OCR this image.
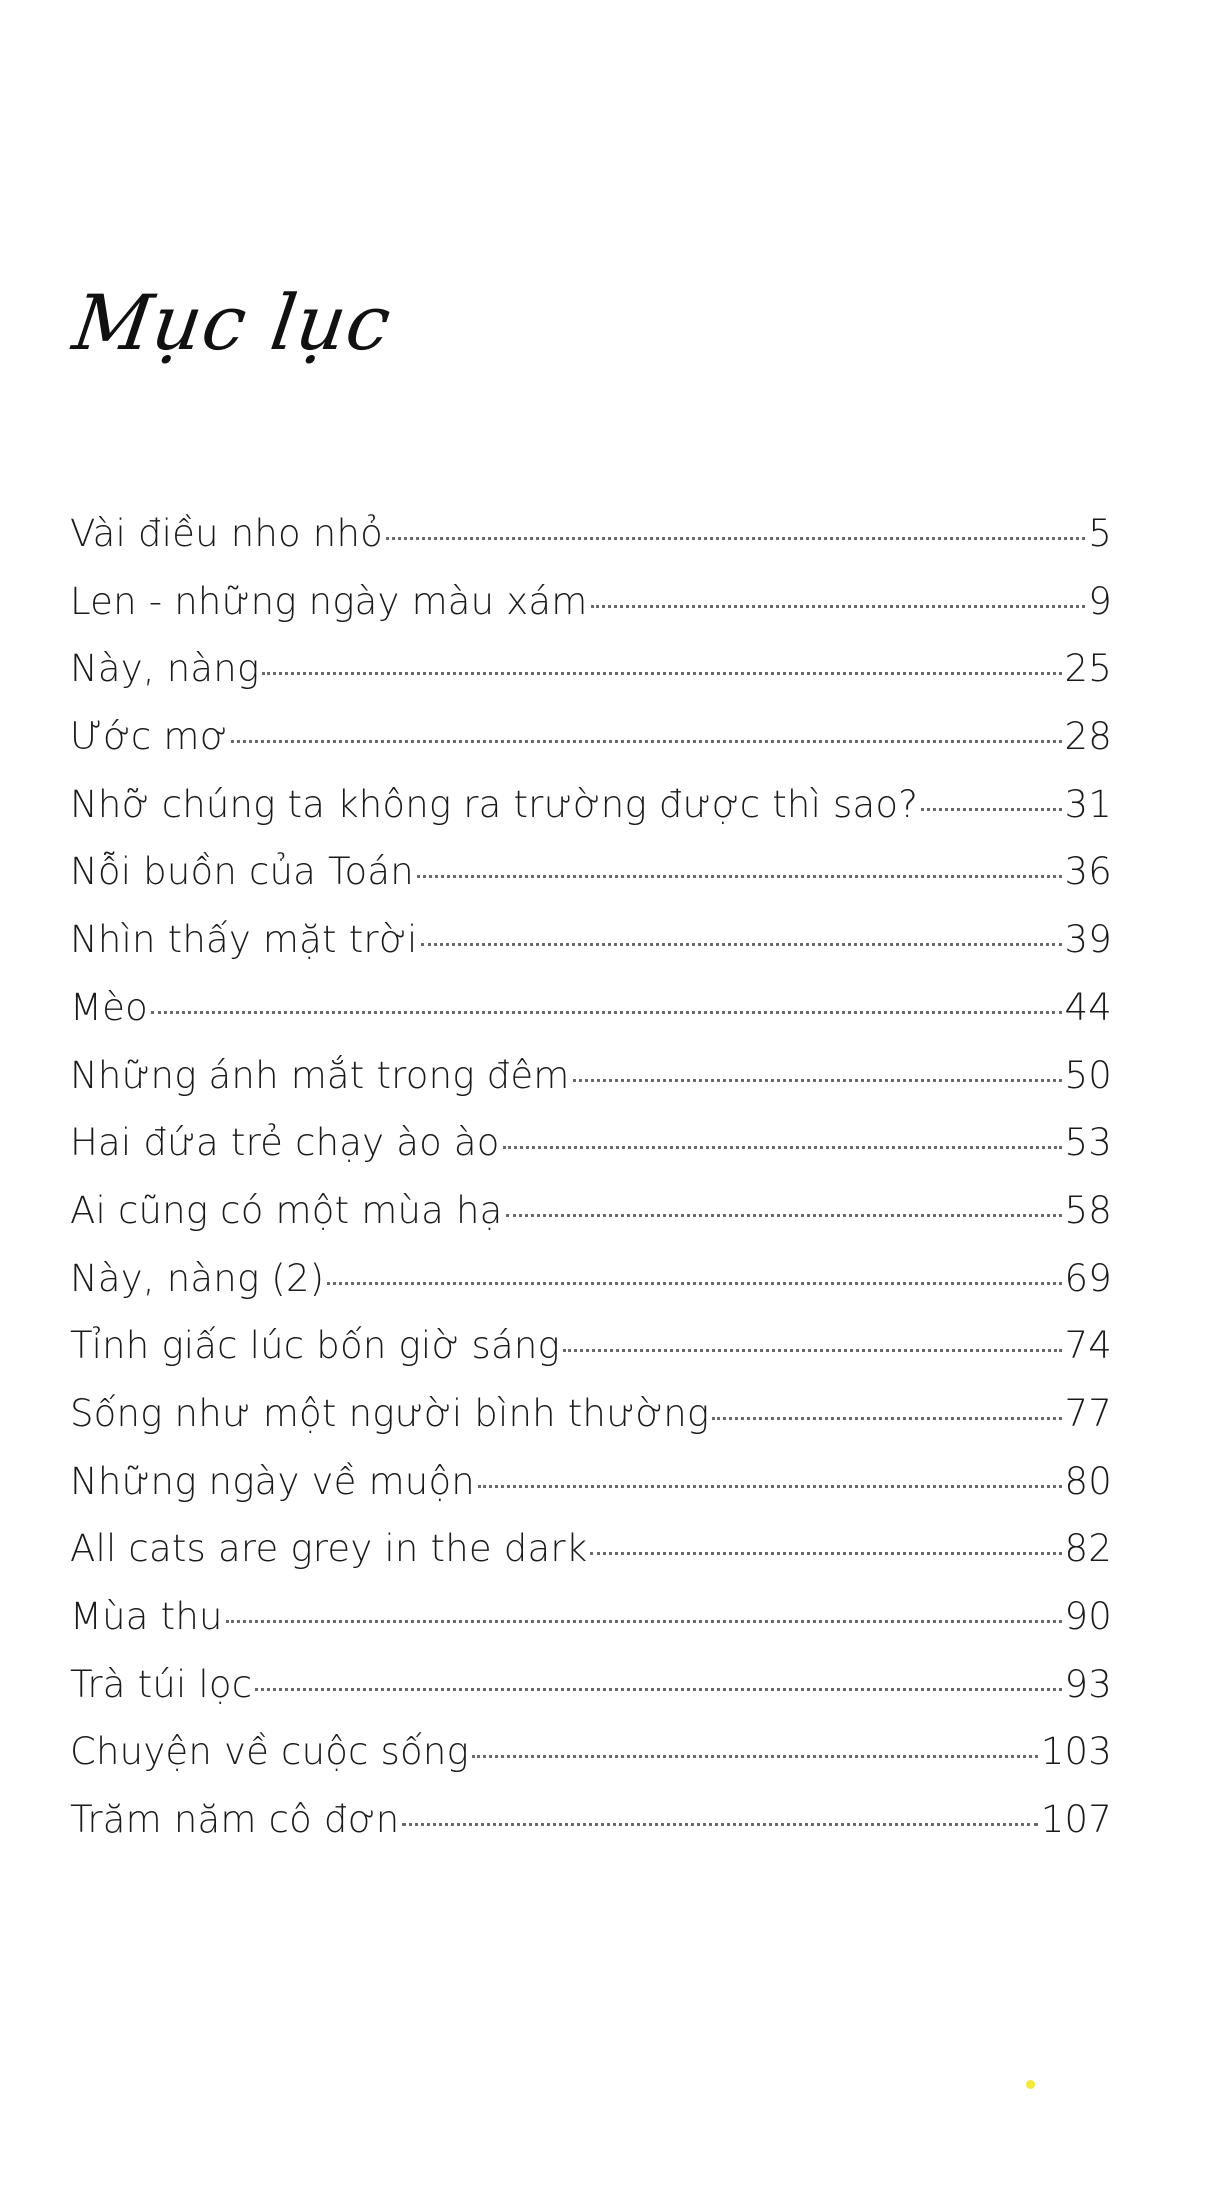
Mục lục
Vài điều nho nhỏ	5
Len - những ngày màu xám	9
Này, nàng	25
Ước mơ	28
Nhỡ chúng ta không ra trường được thì sao?	31
Nỗi buồn của Toán	36
Nhìn thấy mặt trời	39
Mèo	44
Những ánh mắt trong đêm	50
Hai đứa trẻ chạy ào ào	53
Ai cũng có một mùa hạ	58
Này, nàng (2)	69
Tỉnh giấc lúc bốn giờ sáng	74
Sống như một người bình thường	77
Những ngày về muộn	80
All cats are grey in the dark	82
Mùa thu	90
Trà túi lọc	93
Chuyện về cuộc sống	103
Trăm năm cô đơn	107
